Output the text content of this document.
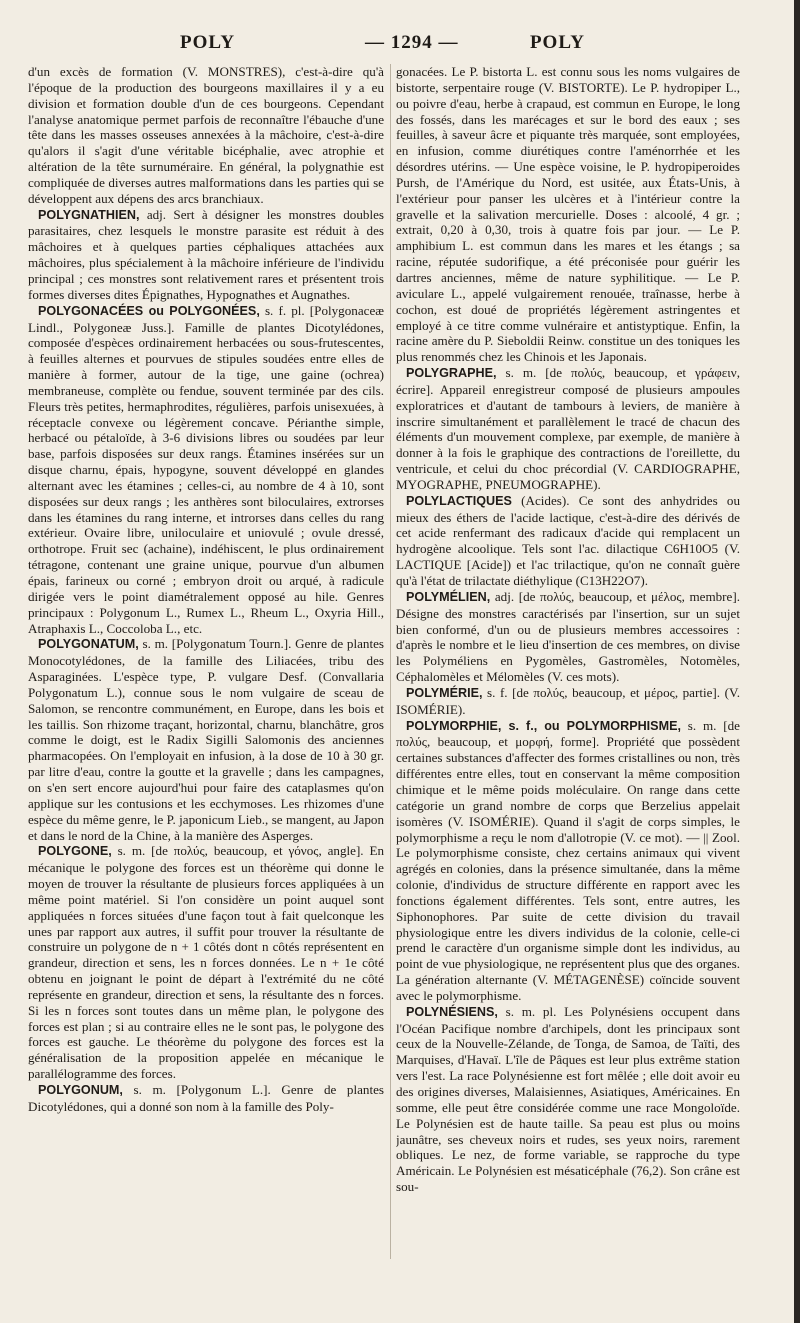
POLY	— 1294 —	POLY

d'un excès de formation (V. MONSTRES), c'est-à-dire qu'à l'époque de la production des bourgeons maxillaires il y a eu division et formation double d'un de ces bourgeons. Cependant l'analyse anatomique permet parfois de reconnaître l'ébauche d'une tête dans les masses osseuses annexées à la mâchoire, c'est-à-dire qu'alors il s'agit d'une véritable bicéphalie, avec atrophie et altération de la tête surnuméraire. En général, la polygnathie est compliquée de diverses autres malformations dans les parties qui se développent aux dépens des arcs branchiaux.

POLYGNATHIEN, adj. Sert à désigner les monstres doubles parasitaires, chez lesquels le monstre parasite est réduit à des mâchoires et à quelques parties céphaliques attachées aux mâchoires, plus spécialement à la mâchoire inférieure de l'individu principal ; ces monstres sont relativement rares et présentent trois formes diverses dites Épignathes, Hypognathes et Augnathes.

POLYGONACÉES ou POLYGONÉES, s. f. pl. [Polygonaceæ Lindl., Polygoneæ Juss.]. Famille de plantes Dicotylédones, composée d'espèces ordinairement herbacées ou sous-frutescentes, à feuilles alternes et pourvues de stipules soudées entre elles de manière à former, autour de la tige, une gaine (ochrea) membraneuse, complète ou fendue, souvent terminée par des cils. Fleurs très petites, hermaphrodites, régulières, parfois unisexuées, à réceptacle convexe ou légèrement concave. Périanthe simple, herbacé ou pétaloïde, à 3-6 divisions libres ou soudées par leur base, parfois disposées sur deux rangs. Étamines insérées sur un disque charnu, épais, hypogyne, souvent développé en glandes alternant avec les étamines ; celles-ci, au nombre de 4 à 10, sont disposées sur deux rangs ; les anthères sont biloculaires, extrorses dans les étamines du rang interne, et introrses dans celles du rang extérieur. Ovaire libre, uniloculaire et uniovulé ; ovule dressé, orthotrope. Fruit sec (achaine), indéhiscent, le plus ordinairement tétragone, contenant une graine unique, pourvue d'un albumen épais, farineux ou corné ; embryon droit ou arqué, à radicule dirigée vers le point diamétralement opposé au hile. Genres principaux : Polygonum L., Rumex L., Rheum L., Oxyria Hill., Atraphaxis L., Coccoloba L., etc.

POLYGONATUM, s. m. [Polygonatum Tourn.]. Genre de plantes Monocotylédones, de la famille des Liliacées, tribu des Asparaginées. L'espèce type, P. vulgare Desf. (Convallaria Polygonatum L.), connue sous le nom vulgaire de sceau de Salomon, se rencontre communément, en Europe, dans les bois et les taillis. Son rhizome traçant, horizontal, charnu, blanchâtre, gros comme le doigt, est le Radix Sigilli Salomonis des anciennes pharmacopées. On l'employait en infusion, à la dose de 10 à 30 gr. par litre d'eau, contre la goutte et la gravelle ; dans les campagnes, on s'en sert encore aujourd'hui pour faire des cataplasmes qu'on applique sur les contusions et les ecchymoses. Les rhizomes d'une espèce du même genre, le P. japonicum Lieb., se mangent, au Japon et dans le nord de la Chine, à la manière des Asperges.

POLYGONE, s. m. [de πολύς, beaucoup, et γόνος, angle]. En mécanique le polygone des forces est un théorème qui donne le moyen de trouver la résultante de plusieurs forces appliquées à un même point matériel. Si l'on considère un point auquel sont appliquées n forces situées d'une façon tout à fait quelconque les unes par rapport aux autres, il suffit pour trouver la résultante de construire un polygone de n + 1 côtés dont n côtés représentent en grandeur, direction et sens, les n forces données. Le n + 1e côté obtenu en joignant le point de départ à l'extrémité du ne côté représente en grandeur, direction et sens, la résultante des n forces. Si les n forces sont toutes dans un même plan, le polygone des forces est plan ; si au contraire elles ne le sont pas, le polygone des forces est gauche. Le théorème du polygone des forces est la généralisation de la proposition appelée en mécanique le parallélogramme des forces.

POLYGONUM, s. m. [Polygonum L.]. Genre de plantes Dicotylédones, qui a donné son nom à la famille des Poly-

gonacées. Le P. bistorta L. est connu sous les noms vulgaires de bistorte, serpentaire rouge (V. BISTORTE). Le P. hydropiper L., ou poivre d'eau, herbe à crapaud, est commun en Europe, le long des fossés, dans les marécages et sur le bord des eaux ; ses feuilles, à saveur âcre et piquante très marquée, sont employées, en infusion, comme diurétiques contre l'aménorrhée et les désordres utérins. — Une espèce voisine, le P. hydropiperoides Pursh, de l'Amérique du Nord, est usitée, aux États-Unis, à l'extérieur pour panser les ulcères et à l'intérieur contre la gravelle et la salivation mercurielle. Doses : alcoolé, 4 gr. ; extrait, 0,20 à 0,30, trois à quatre fois par jour. — Le P. amphibium L. est commun dans les mares et les étangs ; sa racine, réputée sudorifique, a été préconisée pour guérir les dartres anciennes, même de nature syphilitique. — Le P. aviculare L., appelé vulgairement renouée, traînasse, herbe à cochon, est doué de propriétés légèrement astringentes et employé à ce titre comme vulnéraire et antistyptique. Enfin, la racine amère du P. Sieboldii Reinw. constitue un des toniques les plus renommés chez les Chinois et les Japonais.

POLYGRAPHE, s. m. [de πολύς, beaucoup, et γράφειν, écrire]. Appareil enregistreur composé de plusieurs ampoules exploratrices et d'autant de tambours à leviers, de manière à inscrire simultanément et parallèlement le tracé de chacun des éléments d'un mouvement complexe, par exemple, de manière à donner à la fois le graphique des contractions de l'oreillette, du ventricule, et celui du choc précordial (V. CARDIOGRAPHE, MYOGRAPHE, PNEUMOGRAPHE).

POLYLACTIQUES (Acides). Ce sont des anhydrides ou mieux des éthers de l'acide lactique, c'est-à-dire des dérivés de cet acide renfermant des radicaux d'acide qui remplacent un hydrogène alcoolique. Tels sont l'ac. dilactique C6H10O5 (V. LACTIQUE [Acide]) et l'ac trilactique, qu'on ne connaît guère qu'à l'état de trilactate diéthylique (C13H22O7).

POLYMÉLIEN, adj. [de πολύς, beaucoup, et μέλος, membre]. Désigne des monstres caractérisés par l'insertion, sur un sujet bien conformé, d'un ou de plusieurs membres accessoires : d'après le nombre et le lieu d'insertion de ces membres, on divise les Polyméliens en Pygomèles, Gastromèles, Notomèles, Céphalomèles et Mélomèles (V. ces mots).

POLYMÉRIE, s. f. [de πολύς, beaucoup, et μέρος, partie]. (V. ISOMÉRIE).

POLYMORPHIE, s. f., ou POLYMORPHISME, s. m. [de πολύς, beaucoup, et μορφή, forme]. Propriété que possèdent certaines substances d'affecter des formes cristallines ou non, très différentes entre elles, tout en conservant la même composition chimique et le même poids moléculaire. On range dans cette catégorie un grand nombre de corps que Berzelius appelait isomères (V. ISOMÉRIE). Quand il s'agit de corps simples, le polymorphisme a reçu le nom d'allotropie (V. ce mot). — || Zool. Le polymorphisme consiste, chez certains animaux qui vivent agrégés en colonies, dans la présence simultanée, dans la même colonie, d'individus de structure différente en rapport avec les fonctions également différentes. Tels sont, entre autres, les Siphonophores. Par suite de cette division du travail physiologique entre les divers individus de la colonie, celle-ci prend le caractère d'un organisme simple dont les individus, au point de vue physiologique, ne représentent plus que des organes. La génération alternante (V. MÉTAGENÈSE) coïncide souvent avec le polymorphisme.

POLYNÉSIENS, s. m. pl. Les Polynésiens occupent dans l'Océan Pacifique nombre d'archipels, dont les principaux sont ceux de la Nouvelle-Zélande, de Tonga, de Samoa, de Taïti, des Marquises, d'Havaï. L'île de Pâques est leur plus extrême station vers l'est. La race Polynésienne est fort mêlée ; elle doit avoir eu des origines diverses, Malaisiennes, Asiatiques, Américaines. En somme, elle peut être considérée comme une race Mongoloïde. Le Polynésien est de haute taille. Sa peau est plus ou moins jaunâtre, ses cheveux noirs et rudes, ses yeux noirs, rarement obliques. Le nez, de forme variable, se rapproche du type Américain. Le Polynésien est mésaticéphale (76,2). Son crâne est sou-
